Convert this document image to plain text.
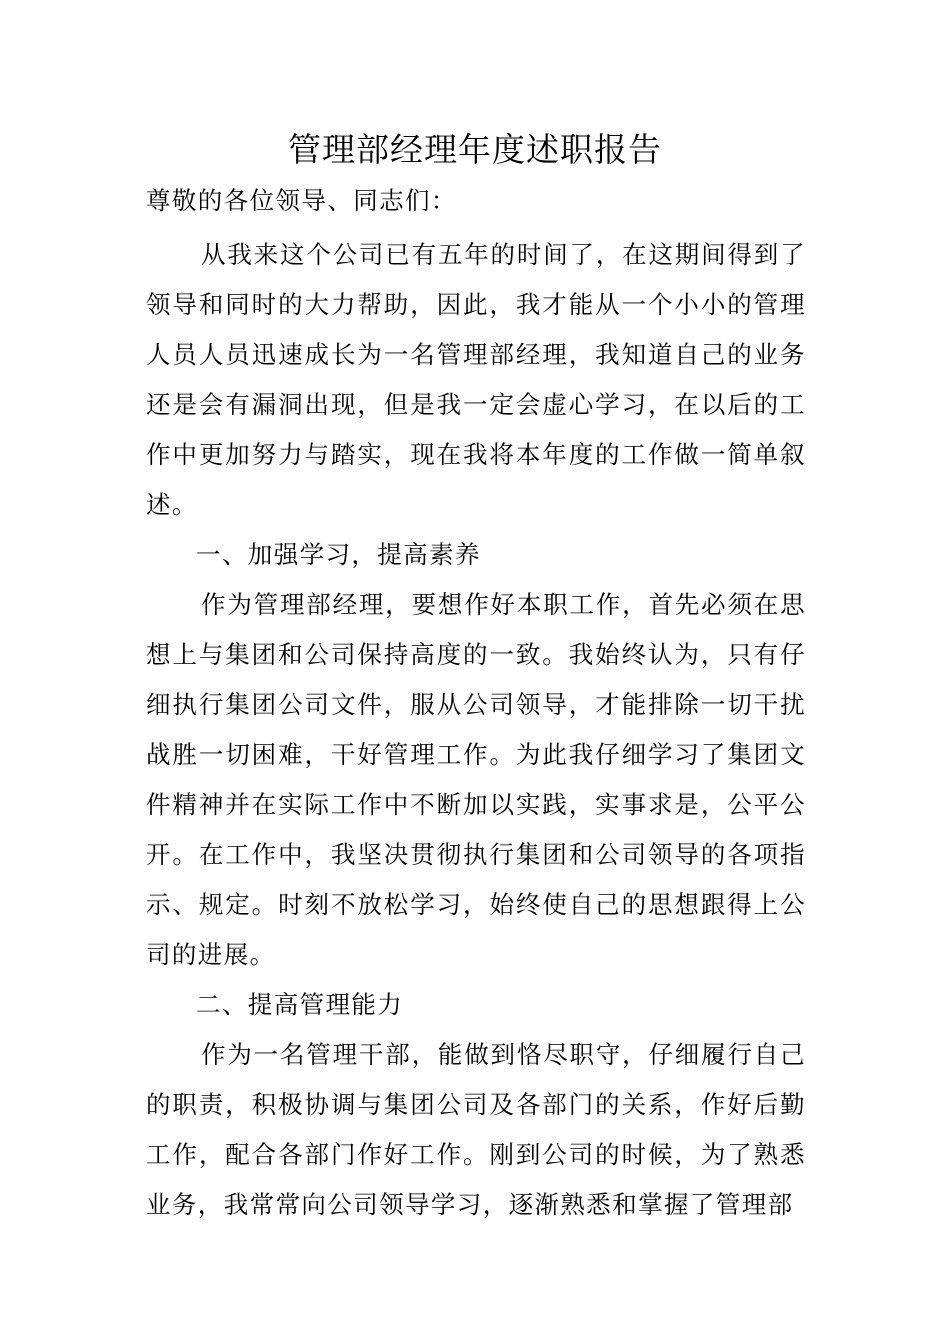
管理部经理年度述职报告

尊敬的各位领导、同志们：

从我来这个公司已有五年的时间了，在这期间得到了领导和同时的大力帮助，因此，我才能从一个小小的管理人员人员迅速成长为一名管理部经理，我知道自己的业务还是会有漏洞出现，但是我一定会虚心学习，在以后的工作中更加努力与踏实，现在我将本年度的工作做一简单叙述。

一、加强学习，提高素养

作为管理部经理，要想作好本职工作，首先必须在思想上与集团和公司保持高度的一致。我始终认为，只有仔细执行集团公司文件，服从公司领导，才能排除一切干扰战胜一切困难，干好管理工作。为此我仔细学习了集团文件精神并在实际工作中不断加以实践，实事求是，公平公开。在工作中，我坚决贯彻执行集团和公司领导的各项指示、规定。时刻不放松学习，始终使自己的思想跟得上公司的进展。

二、提高管理能力

作为一名管理干部，能做到恪尽职守，仔细履行自己的职责，积极协调与集团公司及各部门的关系，作好后勤工作，配合各部门作好工作。刚到公司的时候，为了熟悉业务，我常常向公司领导学习，逐渐熟悉和掌握了管理部
